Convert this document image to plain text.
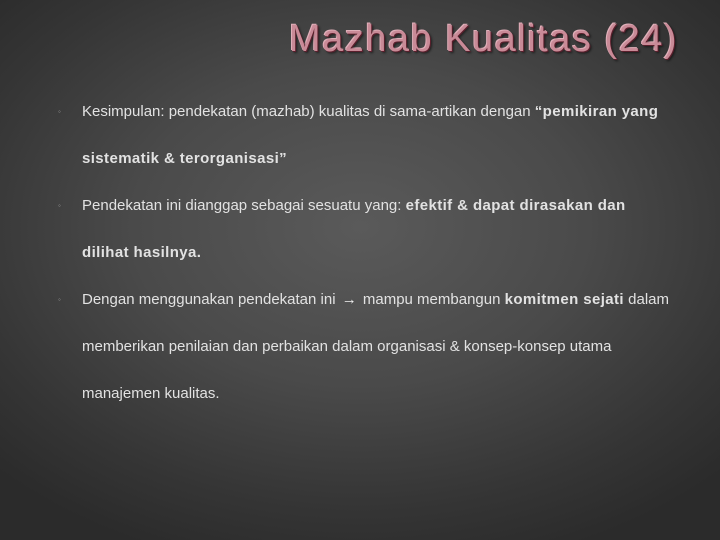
Mazhab Kualitas (24)
◦ Kesimpulan: pendekatan (mazhab) kualitas di sama-artikan dengan “pemikiran yang sistematik & terorganisasi”
◦ Pendekatan ini dianggap sebagai sesuatu yang: efektif & dapat dirasakan dan dilihat hasilnya.
◦ Dengan menggunakan pendekatan ini → mampu membangun komitmen sejati dalam memberikan penilaian dan perbaikan dalam organisasi & konsep-konsep utama manajemen kualitas.
